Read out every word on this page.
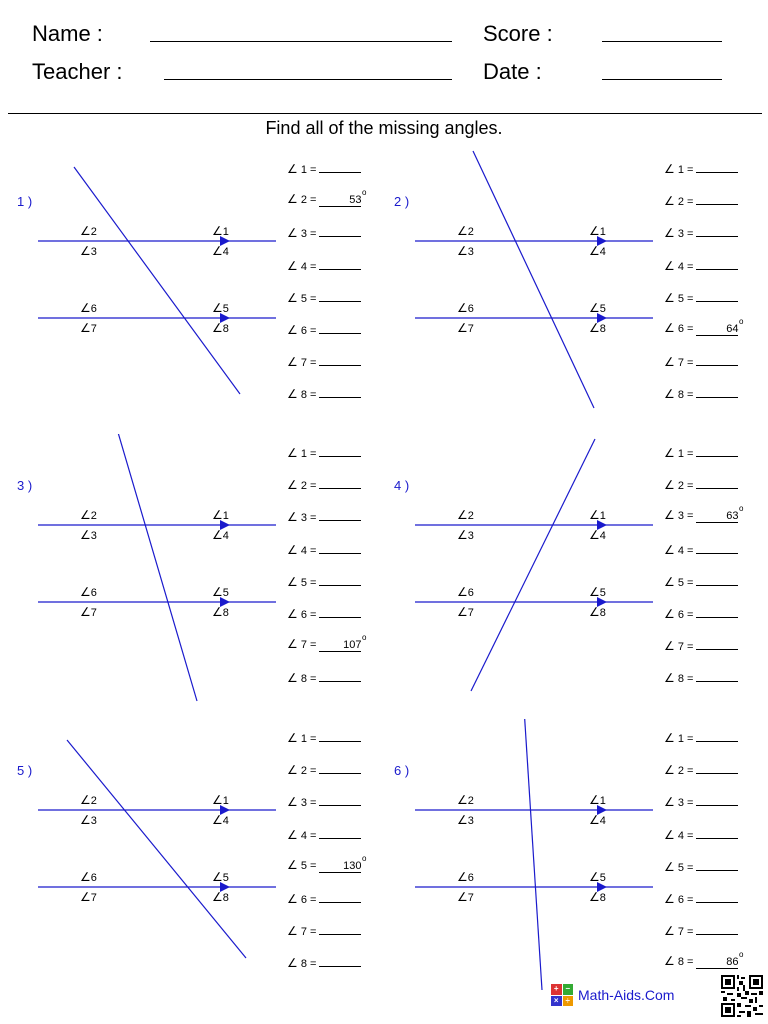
Name :
Teacher :
Score :
Date :
Find all of the missing angles.
1 )
∠2
∠3
∠1
∠4
∠6
∠7
∠5
∠8
∠ 1 =
∠ 2 =	53
o
∠ 3 =
∠ 4 =
∠ 5 =
∠ 6 =
∠ 7 =
∠ 8 =
2 )
∠2
∠3
∠1
∠4
∠6
∠7
∠5
∠8
∠ 1 =
∠ 2 =
∠ 3 =
∠ 4 =
∠ 5 =
∠ 6 =	64
o
∠ 7 =
∠ 8 =
3 )
∠2
∠3
∠1
∠4
∠6
∠7
∠5
∠8
∠ 1 =
∠ 2 =
∠ 3 =
∠ 4 =
∠ 5 =
∠ 6 =
∠ 7 = 107
o
∠ 8 =
4 )
∠2
∠3
∠1
∠4
∠6
∠7
∠5
∠8
∠ 1 =
∠ 2 =
∠ 3 =	63
o
∠ 4 =
∠ 5 =
∠ 6 =
∠ 7 =
∠ 8 =
5 )
∠2
∠3
∠1
∠4
∠6
∠7
∠5
∠8
∠ 1 =
∠ 2 =
∠ 3 =
∠ 4 =
∠ 5 = 130
o
∠ 6 =
∠ 7 =
∠ 8 =
6 )
∠2
∠3
∠1
∠4
∠6
∠7
∠5
∠8
∠ 1 =
∠ 2 =
∠ 3 =
∠ 4 =
∠ 5 =
∠ 6 =
∠ 7 =
∠ 8 =	86
o
+ −
× ÷ Math-Aids.Com
